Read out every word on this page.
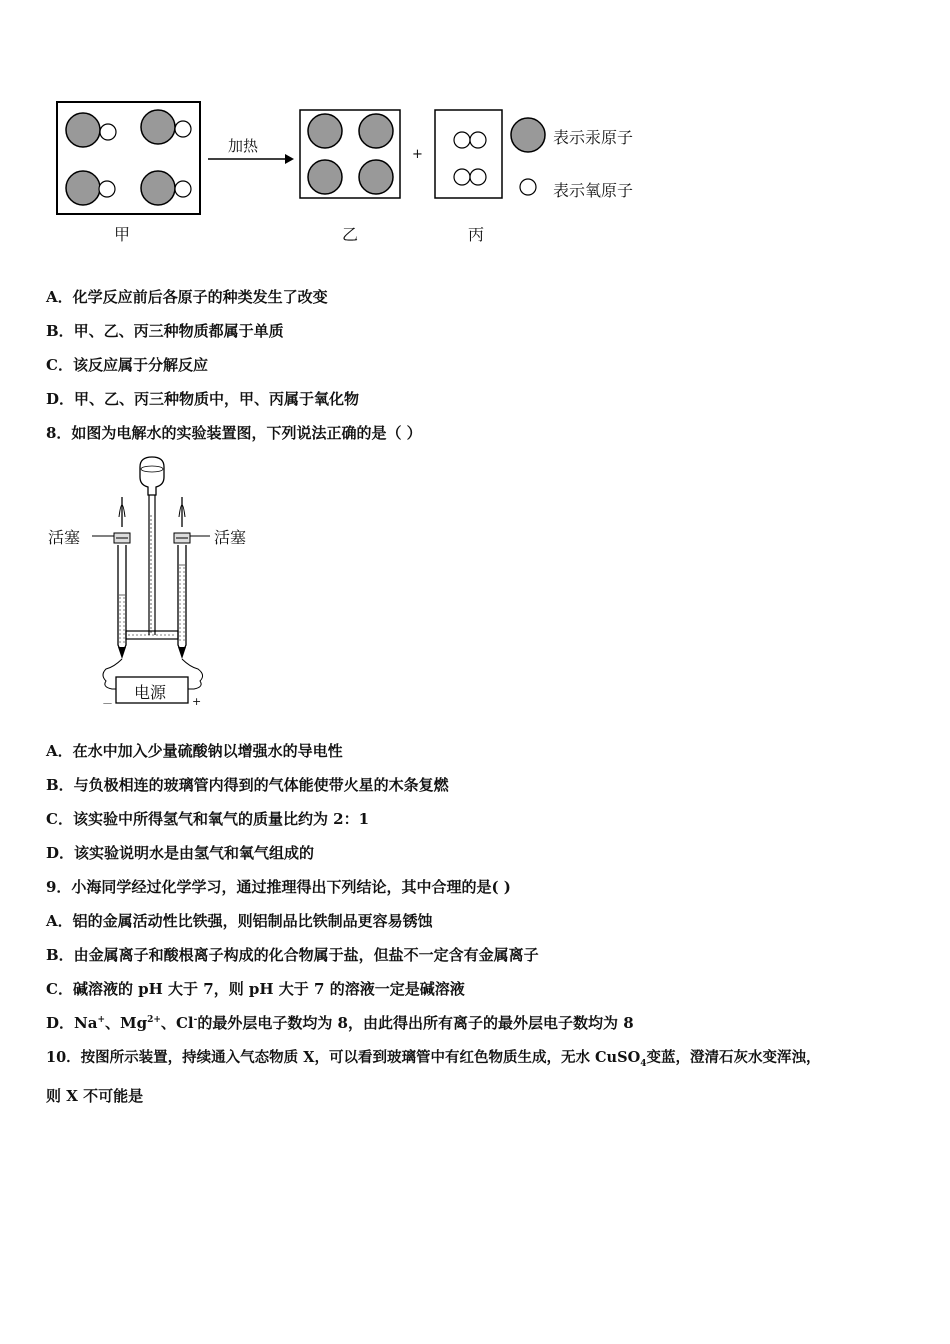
加热	+
甲	乙	丙
表示汞原子
表示氧原子
A．化学反应前后各原子的种类发生了改变
B．甲、乙、丙三种物质都属于单质
C．该反应属于分解反应
D．甲、乙、丙三种物质中，甲、丙属于氧化物
8．如图为电解水的实验装置图，下列说法正确的是（ ）
活塞	活塞
电源
－	+
A．在水中加入少量硫酸钠以增强水的导电性
B．与负极相连的玻璃管内得到的气体能使带火星的木条复燃
C．该实验中所得氢气和氧气的质量比约为 2：1
D．该实验说明水是由氢气和氧气组成的
9．小海同学经过化学学习，通过推理得出下列结论，其中合理的是( )
A．铝的金属活动性比铁强，则铝制品比铁制品更容易锈蚀
B．由金属离子和酸根离子构成的化合物属于盐，但盐不一定含有金属离子
C．碱溶液的 pH 大于 7，则 pH 大于 7 的溶液一定是碱溶液
D．Na+、$Mg^{2+}$、Cl-的最外层电子数均为 8，由此得出所有离子的最外层电子数均为 8
10．按图所示装置，持续通入气态物质 X，可以看到玻璃管中有红色物质生成，无水 CuSO$_4$变蓝，澄清石灰水变浑浊，
则 X 不可能是
